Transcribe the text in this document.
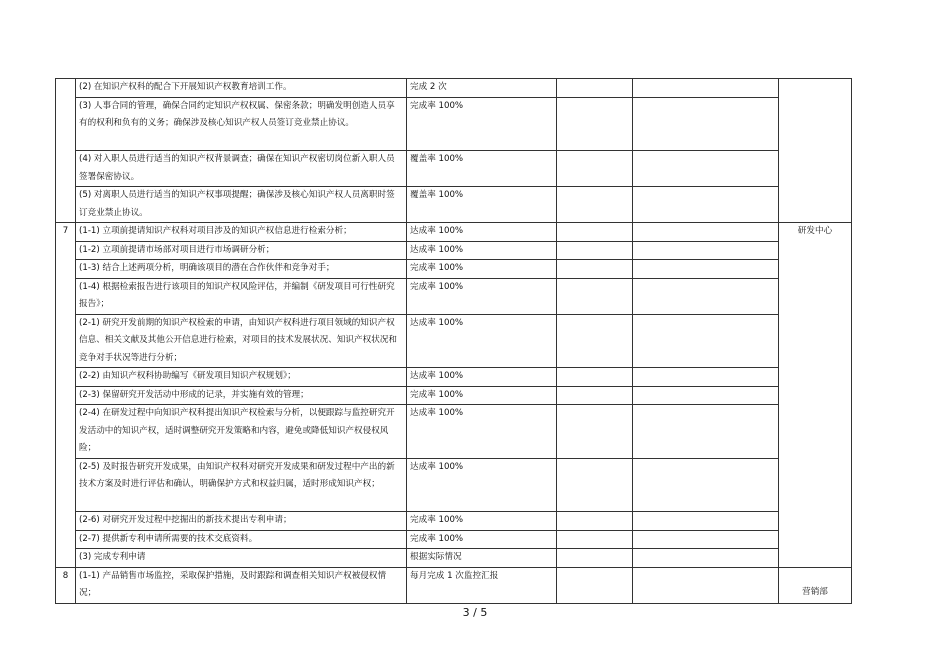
	(2) 在知识产权科的配合下开展知识产权教育培训工作。	完成 2 次			
	(3) 人事合同的管理，确保合同约定知识产权权属、保密条款；明确发明创造人员享有的权利和负有的义务；确保涉及核心知识产权人员签订竞业禁止协议。	完成率 100%			
	(4) 对入职人员进行适当的知识产权背景调查；确保在知识产权密切岗位新入职人员签署保密协议。	覆盖率 100%			
	(5) 对离职人员进行适当的知识产权事项提醒；确保涉及核心知识产权人员离职时签订竞业禁止协议。	覆盖率 100%			
7	(1-1) 立项前提请知识产权科对项目涉及的知识产权信息进行检索分析；	达成率 100%			研发中心
	(1-2) 立项前提请市场部对项目进行市场调研分析；	达成率 100%			
	(1-3) 结合上述两项分析，明确该项目的潜在合作伙伴和竞争对手；	完成率 100%			
	(1-4) 根据检索报告进行该项目的知识产权风险评估，并编制《研发项目可行性研究报告》；	完成率 100%			
	(2-1) 研究开发前期的知识产权检索的申请，由知识产权科进行项目领域的知识产权信息、相关文献及其他公开信息进行检索，对项目的技术发展状况、知识产权状况和竞争对手状况等进行分析；	达成率 100%			
	(2-2) 由知识产权科协助编写《研发项目知识产权规划》；	达成率 100%			
	(2-3) 保留研究开发活动中形成的记录，并实施有效的管理；	完成率 100%			
	(2-4) 在研发过程中向知识产权科提出知识产权检索与分析，以便跟踪与监控研究开发活动中的知识产权，适时调整研究开发策略和内容，避免或降低知识产权侵权风险；	达成率 100%			
	(2-5) 及时报告研究开发成果，由知识产权科对研究开发成果和研发过程中产出的新技术方案及时进行评估和确认，明确保护方式和权益归属，适时形成知识产权；	达成率 100%			
	(2-6) 对研究开发过程中挖掘出的新技术提出专利申请；	完成率 100%			
	(2-7) 提供新专利申请所需要的技术交底资料。	完成率 100%			
	(3) 完成专利申请	根据实际情况			
8	(1-1) 产品销售市场监控，采取保护措施，及时跟踪和调查相关知识产权被侵权情况；	每月完成 1 次监控汇报			营销部
3 / 5
